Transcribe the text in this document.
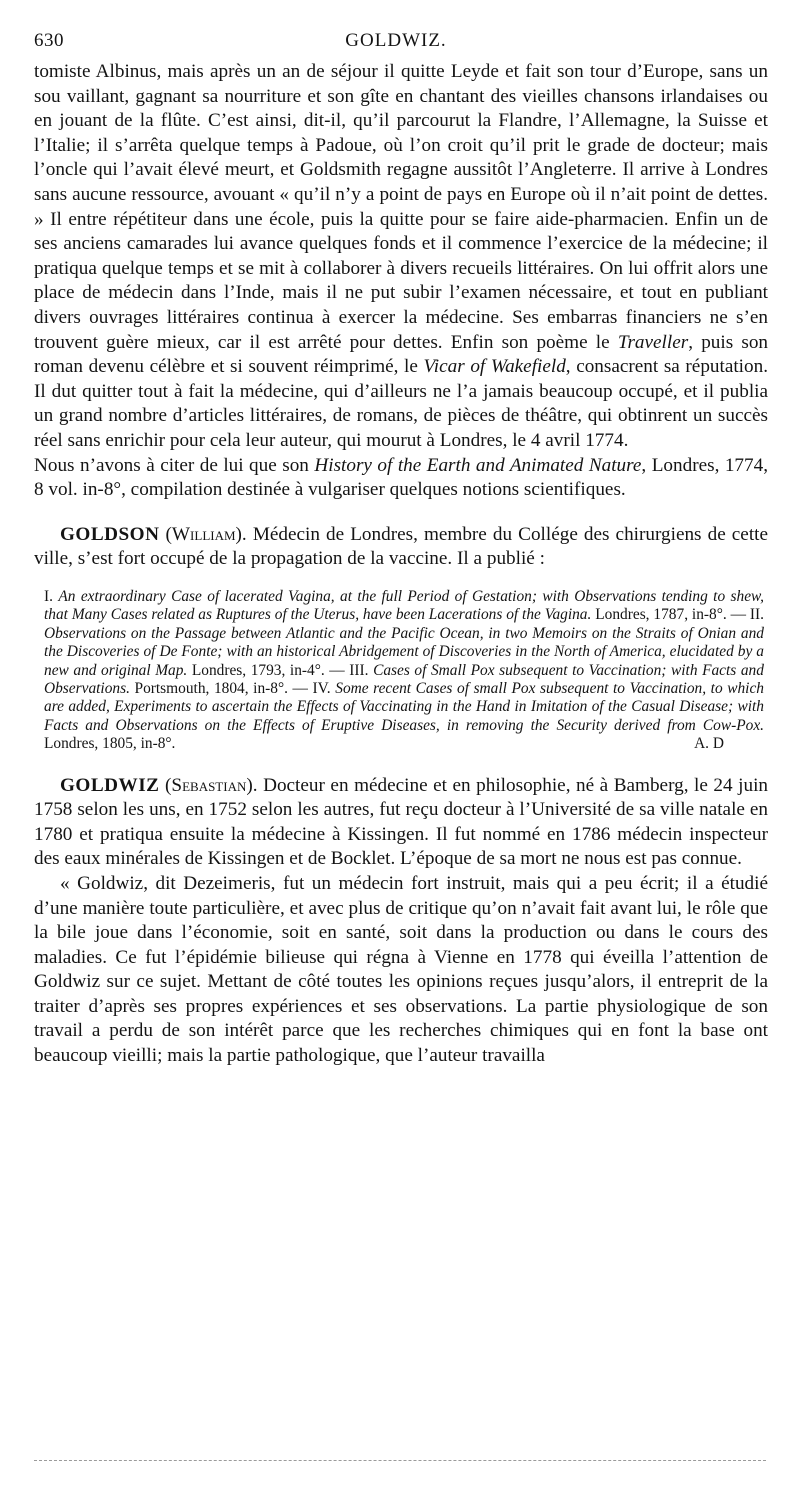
630	GOLDWIZ.

tomiste Albinus, mais après un an de séjour il quitte Leyde et fait son tour d’Europe, sans un sou vaillant, gagnant sa nourriture et son gîte en chantant des vieilles chansons irlandaises ou en jouant de la flûte. C’est ainsi, dit-il, qu’il parcourut la Flandre, l’Allemagne, la Suisse et l’Italie; il s’arrêta quelque temps à Padoue, où l’on croit qu’il prit le grade de docteur; mais l’oncle qui l’avait élevé meurt, et Goldsmith regagne aussitôt l’Angleterre. Il arrive à Londres sans aucune ressource, avouant « qu’il n’y a point de pays en Europe où il n’ait point de dettes. » Il entre répétiteur dans une école, puis la quitte pour se faire aide-pharmacien. Enfin un de ses anciens camarades lui avance quelques fonds et il commence l’exercice de la médecine; il pratiqua quelque temps et se mit à collaborer à divers recueils littéraires. On lui offrit alors une place de médecin dans l’Inde, mais il ne put subir l’examen nécessaire, et tout en publiant divers ouvrages littéraires continua à exercer la médecine. Ses embarras financiers ne s’en trouvent guère mieux, car il est arrêté pour dettes. Enfin son poème le Traveller, puis son roman devenu célèbre et si souvent réimprimé, le Vicar of Wakefield, consacrent sa réputation. Il dut quitter tout à fait la médecine, qui d’ailleurs ne l’a jamais beaucoup occupé, et il publia un grand nombre d’articles littéraires, de romans, de pièces de théâtre, qui obtinrent un succès réel sans enrichir pour cela leur auteur, qui mourut à Londres, le 4 avril 1774.

Nous n’avons à citer de lui que son History of the Earth and Animated Nature, Londres, 1774, 8 vol. in-8°, compilation destinée à vulgariser quelques notions scientifiques.

GOLDSON (William). Médecin de Londres, membre du Collége des chirurgiens de cette ville, s’est fort occupé de la propagation de la vaccine. Il a publié :

I. An extraordinary Case of lacerated Vagina, at the full Period of Gestation; with Observations tending to shew, that Many Cases related as Ruptures of the Uterus, have been Lacerations of the Vagina. Londres, 1787, in-8°. — II. Observations on the Passage between Atlantic and the Pacific Ocean, in two Memoirs on the Straits of Onian and the Discoveries of De Fonte; with an historical Abridgement of Discoveries in the North of America, elucidated by a new and original Map. Londres, 1793, in-4°. — III. Cases of Small Pox subsequent to Vaccination; with Facts and Observations. Portsmouth, 1804, in-8°. — IV. Some recent Cases of small Pox subsequent to Vaccination, to which are added, Experiments to ascertain the Effects of Vaccinating in the Hand in Imitation of the Casual Disease; with Facts and Observations on the Effects of Eruptive Diseases, in removing the Security derived from Cow-Pox. Londres, 1805, in-8°.	A. D

GOLDWIZ (Sebastian). Docteur en médecine et en philosophie, né à Bamberg, le 24 juin 1758 selon les uns, en 1752 selon les autres, fut reçu docteur à l’Université de sa ville natale en 1780 et pratiqua ensuite la médecine à Kissingen. Il fut nommé en 1786 médecin inspecteur des eaux minérales de Kissingen et de Bocklet. L’époque de sa mort ne nous est pas connue.

« Goldwiz, dit Dezeimeris, fut un médecin fort instruit, mais qui a peu écrit; il a étudié d’une manière toute particulière, et avec plus de critique qu’on n’avait fait avant lui, le rôle que la bile joue dans l’économie, soit en santé, soit dans la production ou dans le cours des maladies. Ce fut l’épidémie bilieuse qui régna à Vienne en 1778 qui éveilla l’attention de Goldwiz sur ce sujet. Mettant de côté toutes les opinions reçues jusqu’alors, il entreprit de la traiter d’après ses propres expériences et ses observations. La partie physiologique de son travail a perdu de son intérêt parce que les recherches chimiques qui en font la base ont beaucoup vieilli; mais la partie pathologique, que l’auteur travailla
